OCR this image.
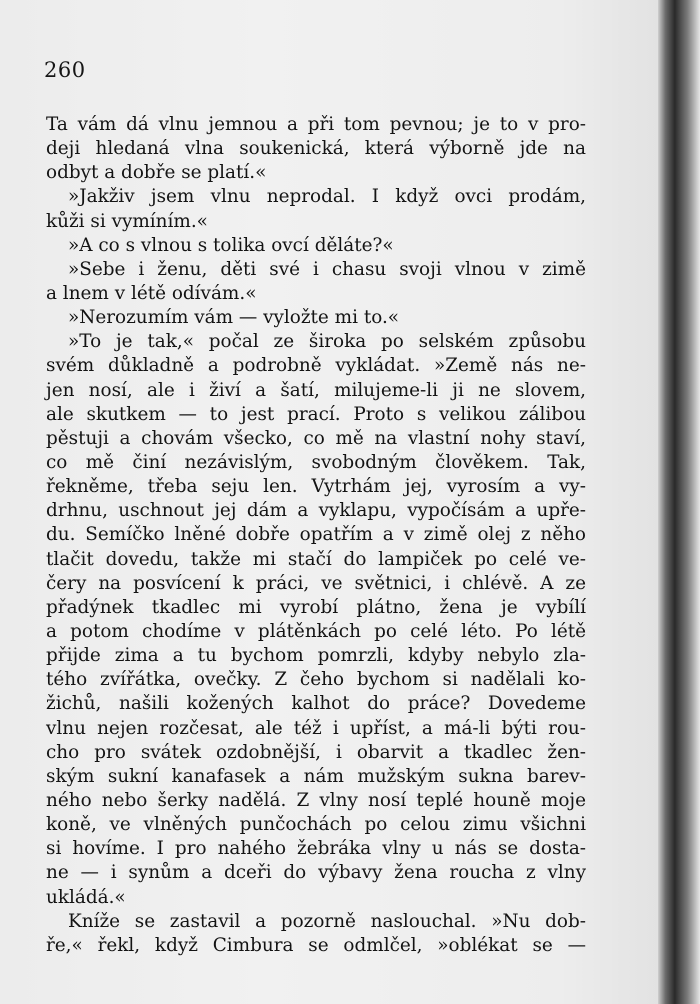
260
Ta vám dá vlnu jemnou a při tom pevnou; je to v pro-
deji hledaná vlna soukenická, která výborně jde na
odbyt a dobře se platí.«
»Jakživ jsem vlnu neprodal. I když ovci prodám,
kůži si vymíním.«
»A co s vlnou s tolika ovcí děláte?«
»Sebe i ženu, děti své i chasu svoji vlnou v zimě
a lnem v létě odívám.«
»Nerozumím vám — vyložte mi to.«
»To je tak,« počal ze široka po selském způsobu
svém důkladně a podrobně vykládat. »Země nás ne-
jen nosí, ale i živí a šatí, milujeme-li ji ne slovem,
ale skutkem — to jest prací. Proto s velikou zálibou
pěstuji a chovám všecko, co mě na vlastní nohy staví,
co mě činí nezávislým, svobodným člověkem. Tak,
řekněme, třeba seju len. Vytrhám jej, vyrosím a vy-
drhnu, uschnout jej dám a vyklapu, vypočísám a upře-
du. Semíčko lněné dobře opatřím a v zimě olej z něho
tlačit dovedu, takže mi stačí do lampiček po celé ve-
čery na posvícení k práci, ve světnici, i chlévě. A ze
přadýnek tkadlec mi vyrobí plátno, žena je vybílí
a potom chodíme v plátěnkách po celé léto. Po létě
přijde zima a tu bychom pomrzli, kdyby nebylo zla-
tého zvířátka, ovečky. Z čeho bychom si nadělali ko-
žichů, našili kožených kalhot do práce? Dovedeme
vlnu nejen rozčesat, ale též i upříst, a má-li býti rou-
cho pro svátek ozdobnější, i obarvit a tkadlec žen-
ským sukní kanafasek a nám mužským sukna barev-
ného nebo šerky nadělá. Z vlny nosí teplé houně moje
koně, ve vlněných punčochách po celou zimu všichni
si hovíme. I pro nahého žebráka vlny u nás se dosta-
ne — i synům a dceři do výbavy žena roucha z vlny
ukládá.«
Kníže se zastavil a pozorně naslouchal. »Nu dob-
ře,« řekl, když Cimbura se odmlčel, »oblékat se —
